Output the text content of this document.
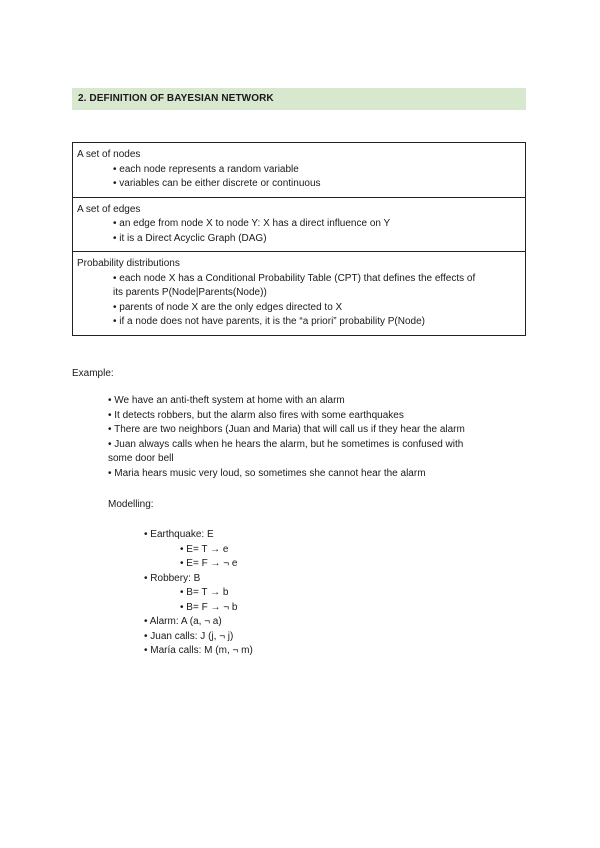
2. DEFINITION OF BAYESIAN NETWORK
A set of nodes
• each node represents a random variable
• variables can be either discrete or continuous
A set of edges
• an edge from node X to node Y: X has a direct influence on Y
• it is a Direct Acyclic Graph (DAG)
Probability distributions
• each node X has a Conditional Probability Table (CPT) that defines the effects of
its parents P(Node|Parents(Node))
• parents of node X are the only edges directed to X
• if a node does not have parents, it is the “a priori” probability P(Node)
Example:
• We have an anti-theft system at home with an alarm
• It detects robbers, but the alarm also fires with some earthquakes
• There are two neighbors (Juan and Maria) that will call us if they hear the alarm
• Juan always calls when he hears the alarm, but he sometimes is confused with
some door bell
• Maria hears music very loud, so sometimes she cannot hear the alarm
Modelling:
• Earthquake: E
• E= T → e
• E= F → ¬ e
• Robbery: B
• B= T → b
• B= F → ¬ b
• Alarm: A (a, ¬ a)
• Juan calls: J (j, ¬ j)
• María calls: M (m, ¬ m)
